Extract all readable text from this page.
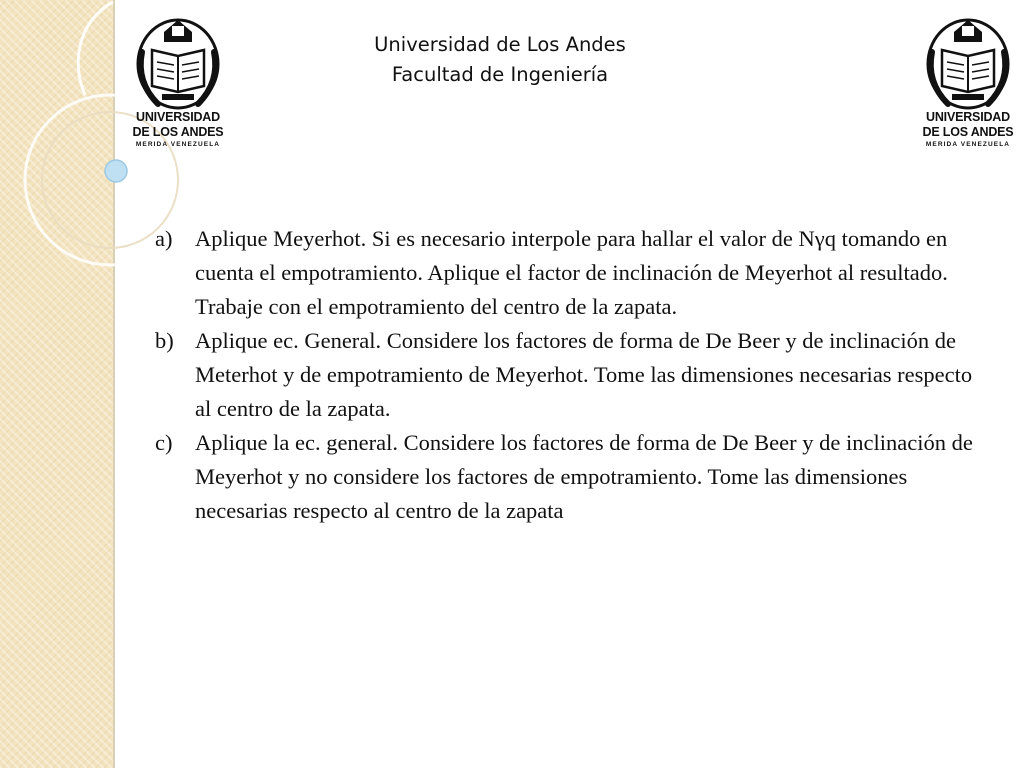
Universidad de Los Andes
Facultad de Ingeniería
UNIVERSIDAD
DE LOS ANDES
MERIDA VENEZUELA
UNIVERSIDAD
DE LOS ANDES
MERIDA VENEZUELA
a) Aplique Meyerhot. Si es necesario interpole para hallar el valor de Nγq tomando en cuenta el empotramiento. Aplique el factor de inclinación de Meyerhot al resultado. Trabaje con el empotramiento del centro de la zapata.
b) Aplique ec. General. Considere los factores de forma de De Beer y de inclinación de Meterhot y de empotramiento de Meyerhot. Tome las dimensiones necesarias respecto al centro de la zapata.
c) Aplique la ec. general. Considere los factores de forma de De Beer y de inclinación de Meyerhot y no considere los factores de empotramiento. Tome las dimensiones necesarias respecto al centro de la zapata
